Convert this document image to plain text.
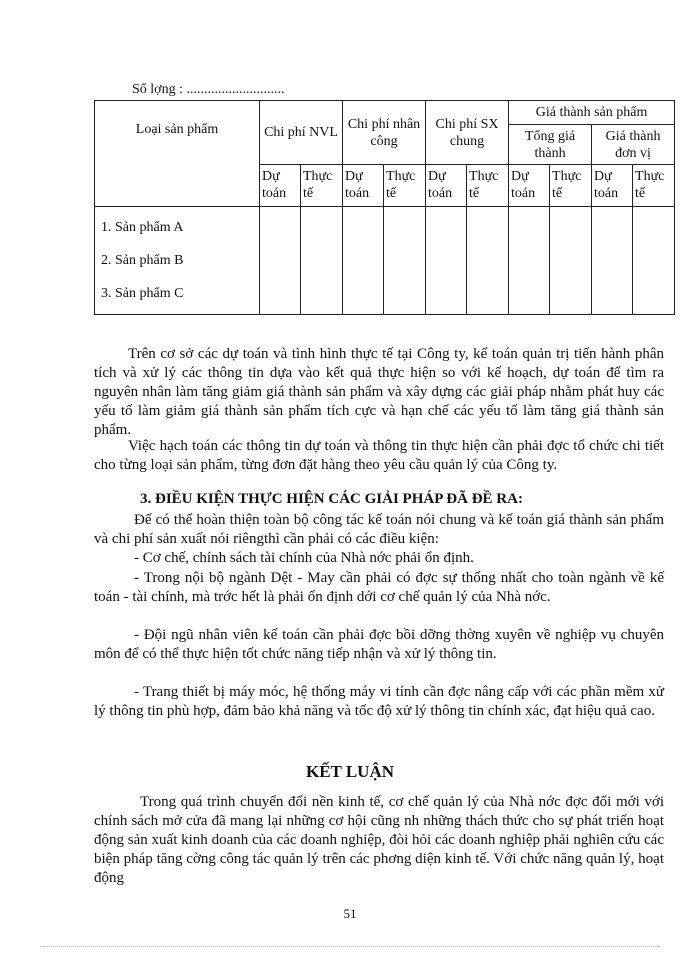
Sổ lợng : ............................
Loại sản phẩm	Chi phí NVL		Chi phí nhân công		Chi phí SX chung		Giá thành sản phẩm			
							Tổng giá thành		Giá thành đơn vị	
	Dự toán	Thực tế	Dự toán	Thực tế	Dự toán	Thực tế	Dự toán	Thực tế	Dự toán	Thực tế

1. Sản phẩm A
2. Sản phẩm B
3. Sản phẩm C										

Trên cơ sở các dự toán và tình hình thực tế tại Công ty, kế toán quản trị tiến hành phân tích và xử lý các thông tin dựa vào kết quả thực hiện so với kế hoạch, dự toán để tìm ra nguyên nhân làm tăng giảm giá thành sản phẩm và xây dựng các giải pháp nhằm phát huy các yếu tố làm giảm giá thành sản phẩm tích cực và hạn chế các yếu tố làm tăng giá thành sản phẩm.

Việc hạch toán các thông tin dự toán và thông tin thực hiện cần phải đợc tổ chức chi tiết cho từng loại sản phẩm, từng đơn đặt hàng theo yêu cầu quản lý của Công ty.

3. ĐIỀU KIỆN THỰC HIỆN CÁC GIẢI PHÁP ĐÃ ĐỀ RA:

Để có thể hoàn thiện toàn bộ công tác kế toán nói chung và kế toán giá thành sản phẩm và chi phí sản xuất nói riêngthì cần phải có các điều kiện:

- Cơ chế, chính sách tài chính của Nhà nớc phải ổn định.

- Trong nội bộ ngành Dệt - May cần phải có đợc sự thống nhất cho toàn ngành về kế toán - tài chính, mà trớc hết là phải ổn định dới cơ chế quản lý của Nhà nớc.

- Đội ngũ nhân viên kế toán cần phải đợc bồi dỡng thờng xuyên về nghiệp vụ chuyên môn để có thể thực hiện tốt chức năng tiếp nhận và xử lý thông tin.

- Trang thiết bị máy móc, hệ thống máy vi tính cần đợc nâng cấp với các phần mềm xử lý thông tin phù hợp, đảm bảo khả năng và tốc độ xử lý thông tin chính xác, đạt hiệu quả cao.

KẾT LUẬN

Trong quá trình chuyển đổi nền kinh tế, cơ chế quản lý của Nhà nớc đợc đổi mới với chính sách mở cửa đã mang lại những cơ hội cũng nh những thách thức cho sự phát triển hoạt động sản xuất kinh doanh của các doanh nghiệp, đòi hỏi các doanh nghiệp phải nghiên cứu các biện pháp tăng cờng công tác quản lý trên các phơng diện kinh tế. Với chức năng quản lý, hoạt động

51
